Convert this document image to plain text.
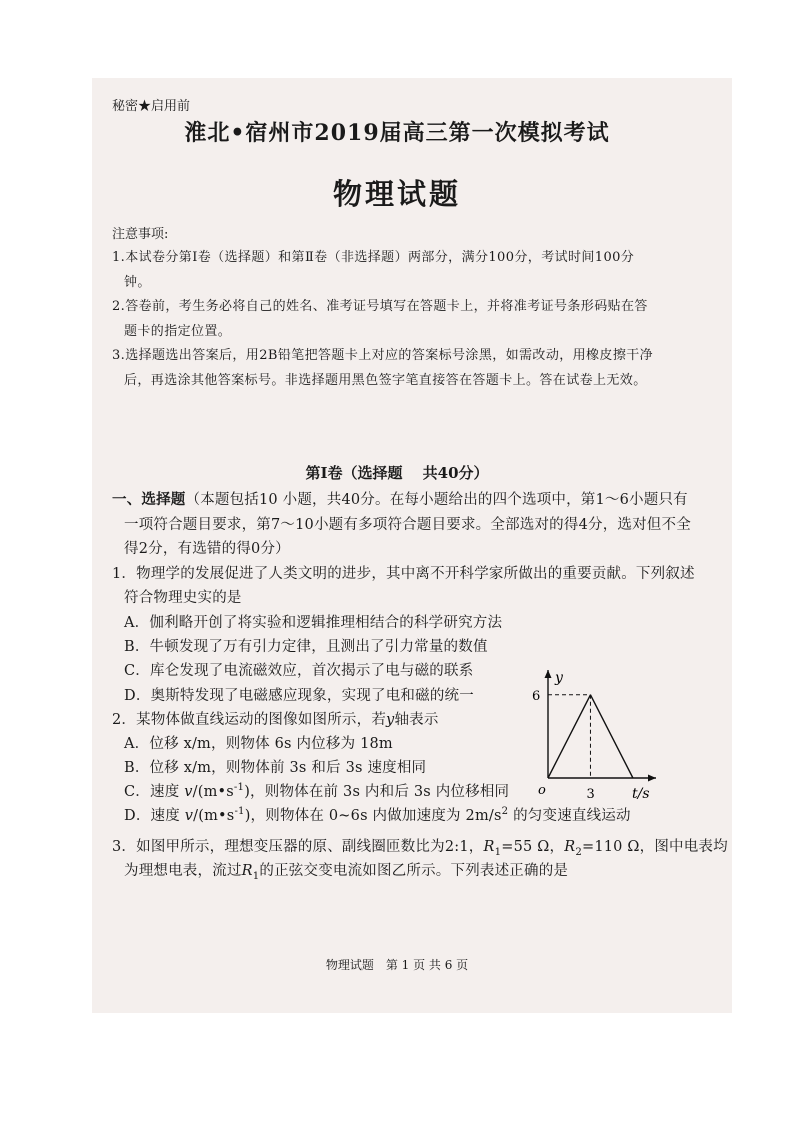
秘密★启用前
淮北•宿州市2019届高三第一次模拟考试
物理试题
注意事项:
1.本试卷分第Ⅰ卷（选择题）和第Ⅱ卷（非选择题）两部分，满分100分，考试时间100分
钟。
2.答卷前，考生务必将自己的姓名、准考证号填写在答题卡上，并将准考证号条形码贴在答
题卡的指定位置。
3.选择题选出答案后，用2B铅笔把答题卡上对应的答案标号涂黑，如需改动，用橡皮擦干净
后，再选涂其他答案标号。非选择题用黑色签字笔直接答在答题卡上。答在试卷上无效。
第Ⅰ卷（选择题　 共40分）
一、选择题（本题包括10 小题，共40分。在每小题给出的四个选项中，第1～6小题只有
一项符合题目要求，第7～10小题有多项符合题目要求。全部选对的得4分，选对但不全
得2分，有选错的得0分）
1．物理学的发展促进了人类文明的进步，其中离不开科学家所做出的重要贡献。下列叙述
符合物理史实的是
A．伽利略开创了将实验和逻辑推理相结合的科学研究方法
B．牛顿发现了万有引力定律，且测出了引力常量的数值
C．库仑发现了电流磁效应，首次揭示了电与磁的联系
D．奥斯特发现了电磁感应现象，实现了电和磁的统一
2．某物体做直线运动的图像如图所示，若y轴表示
A．位移 x/m，则物体 6s 内位移为 18m
B．位移 x/m，则物体前 3s 和后 3s 速度相同
C．速度 $v/(m•s^{-1})$，则物体在前 3s 内和后 3s 内位移相同
D．速度 $v/(m•s^{-1})$，则物体在 0~6s 内做加速度为 $2m/s^2$ 的匀变速直线运动
3．如图甲所示，理想变压器的原、副线圈匝数比为2:1，$R_1=55$ Ω，$R_2=110$ Ω，图中电表均
为理想电表，流过$R_1$的正弦交变电流如图乙所示。下列表述正确的是
y
t/s
o
6
3
物理试题　第 1 页 共 6 页
